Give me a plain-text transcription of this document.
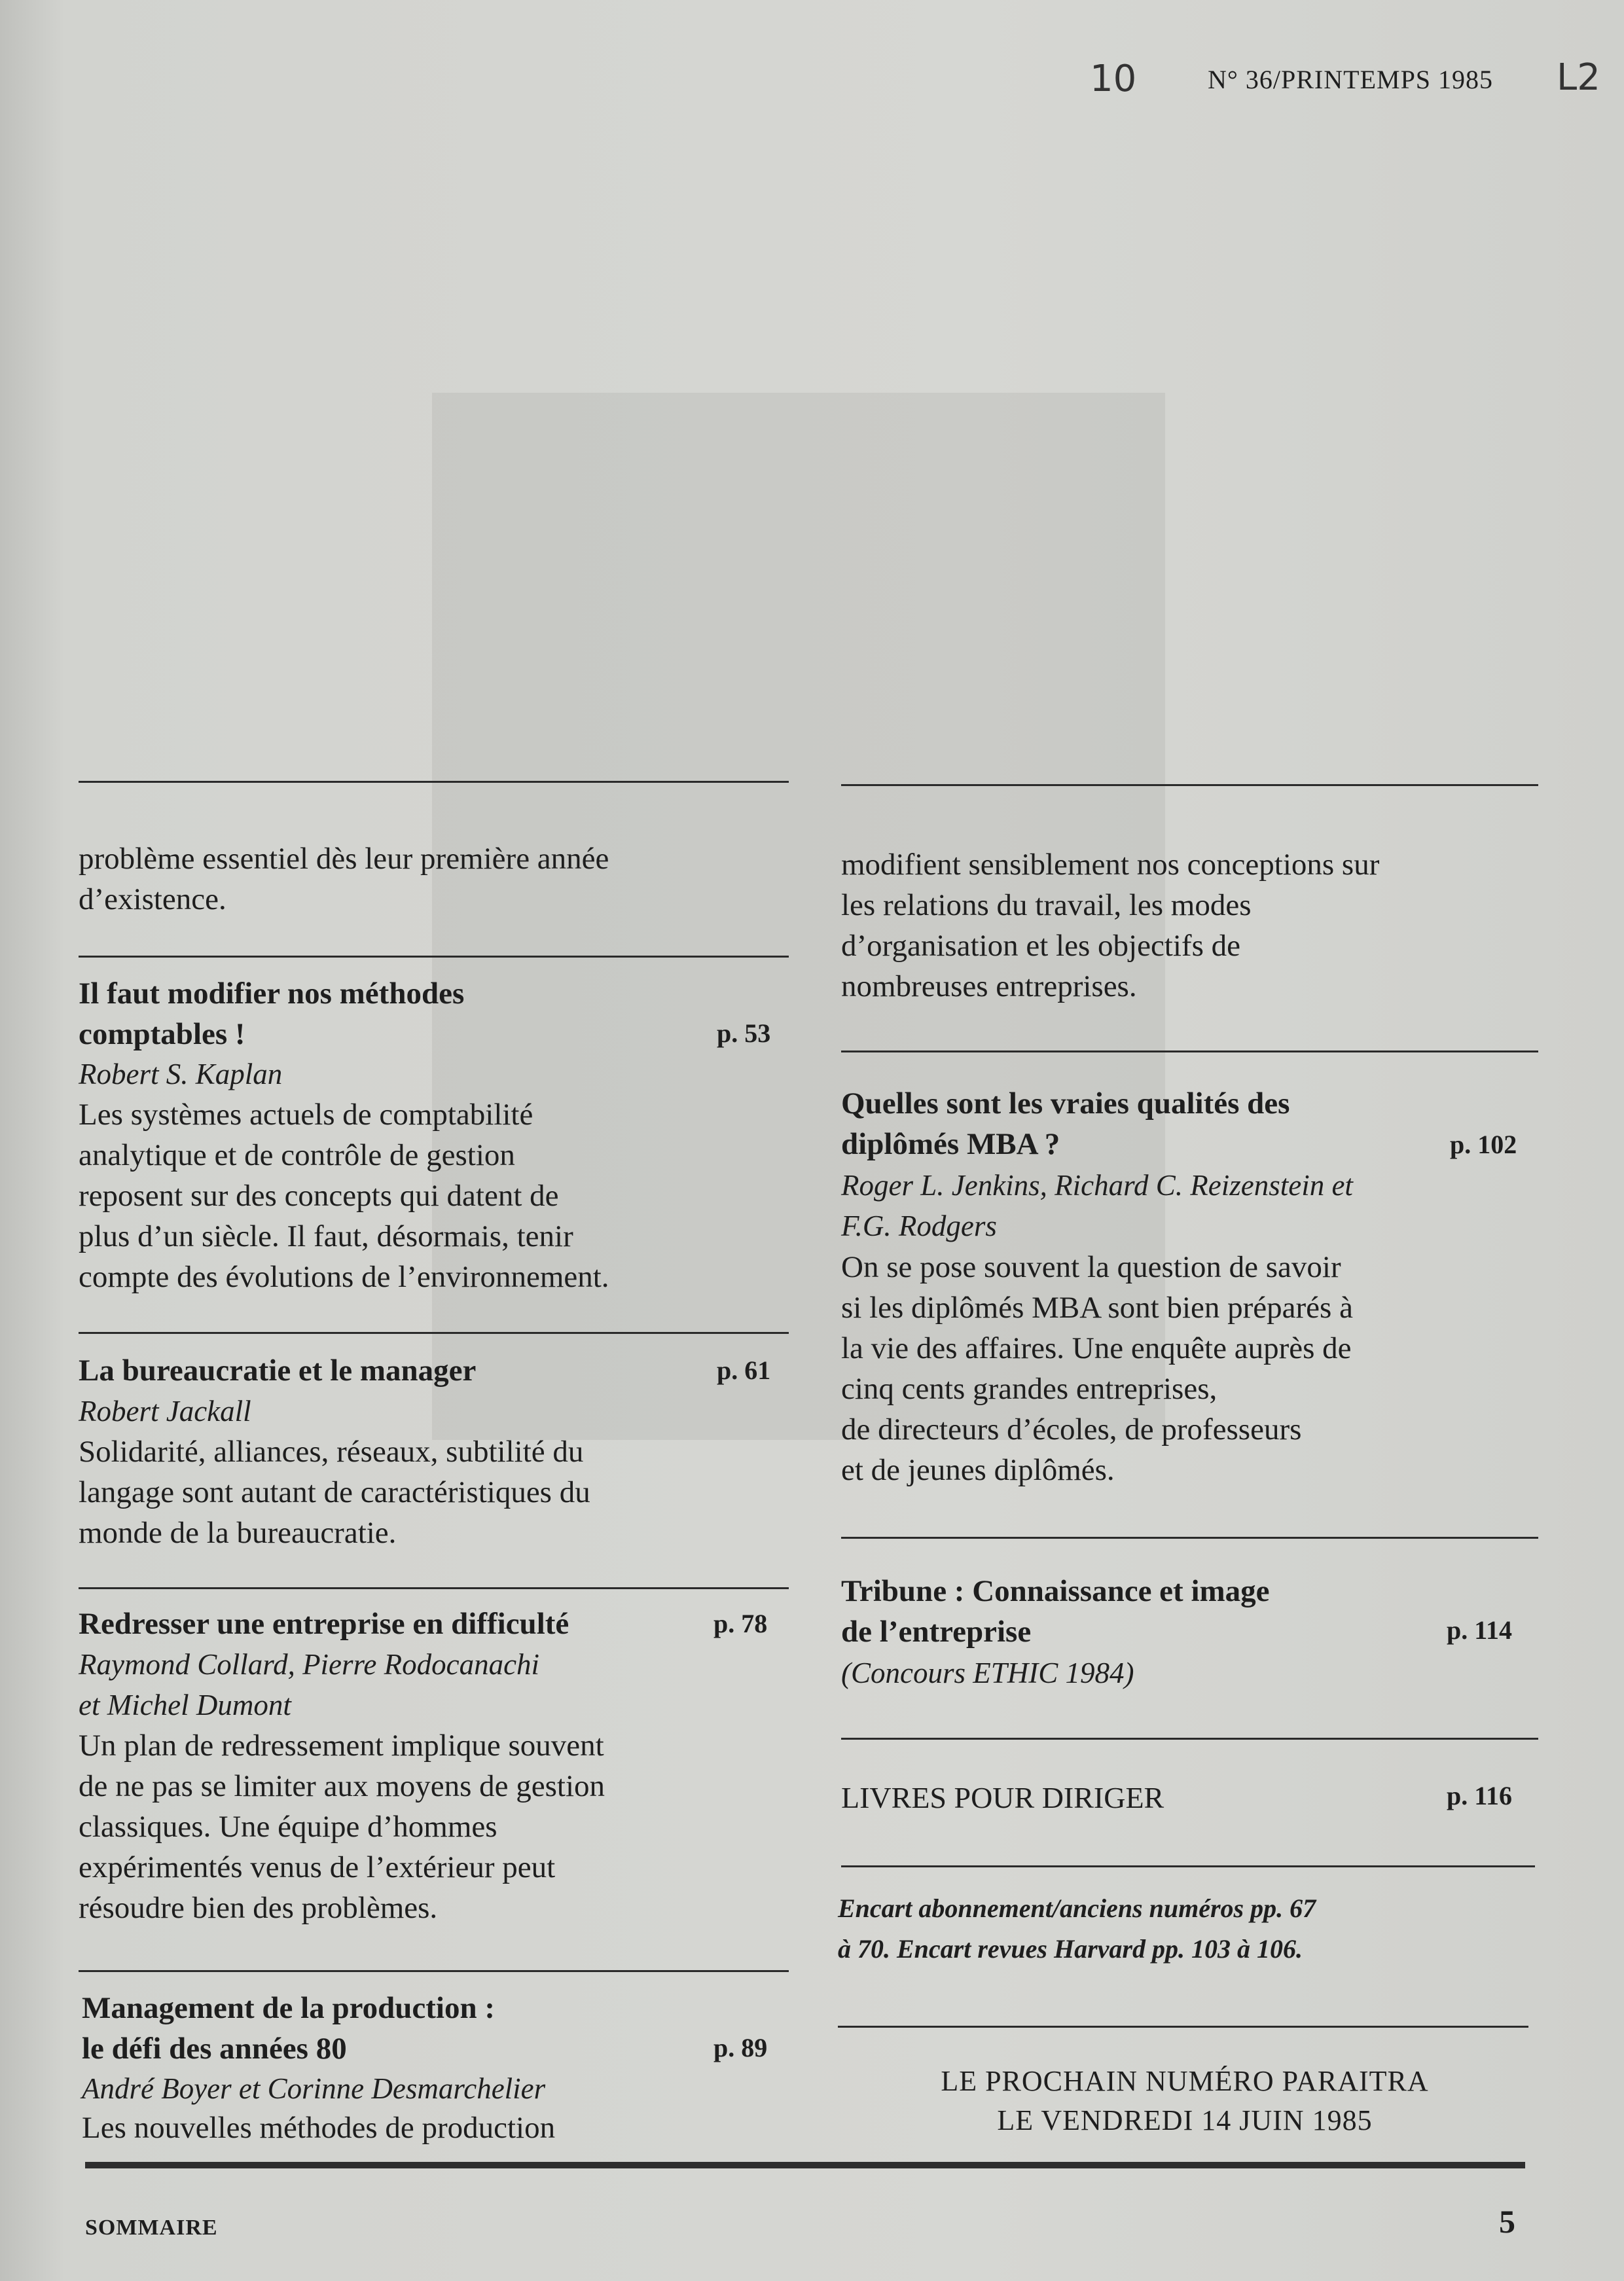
10	N° 36/PRINTEMPS 1985 L2
problème essentiel dès leur première année
d’existence.
Il faut modifier nos méthodes
comptables !	p. 53
Robert S. Kaplan
Les systèmes actuels de comptabilité
analytique et de contrôle de gestion
reposent sur des concepts qui datent de
plus d’un siècle. Il faut, désormais, tenir
compte des évolutions de l’environnement.
La bureaucratie et le manager	p. 61
Robert Jackall
Solidarité, alliances, réseaux, subtilité du
langage sont autant de caractéristiques du
monde de la bureaucratie.
Redresser une entreprise en difficulté	p. 78
Raymond Collard, Pierre Rodocanachi
et Michel Dumont
Un plan de redressement implique souvent
de ne pas se limiter aux moyens de gestion
classiques. Une équipe d’hommes
expérimentés venus de l’extérieur peut
résoudre bien des problèmes.
Management de la production :
le défi des années 80	p. 89
André Boyer et Corinne Desmarchelier
Les nouvelles méthodes de production
modifient sensiblement nos conceptions sur
les relations du travail, les modes
d’organisation et les objectifs de
nombreuses entreprises.
Quelles sont les vraies qualités des
diplômés MBA ?	p. 102
Roger L. Jenkins, Richard C. Reizenstein et
F.G. Rodgers
On se pose souvent la question de savoir
si les diplômés MBA sont bien préparés à
la vie des affaires. Une enquête auprès de
cinq cents grandes entreprises,
de directeurs d’écoles, de professeurs
et de jeunes diplômés.
Tribune : Connaissance et image
de l’entreprise	p. 114
(Concours ETHIC 1984)
LIVRES POUR DIRIGER	p. 116
Encart abonnement/anciens numéros pp. 67
à 70. Encart revues Harvard pp. 103 à 106.
LE PROCHAIN NUMÉRO PARAITRA
LE VENDREDI 14 JUIN 1985
SOMMAIRE	5
